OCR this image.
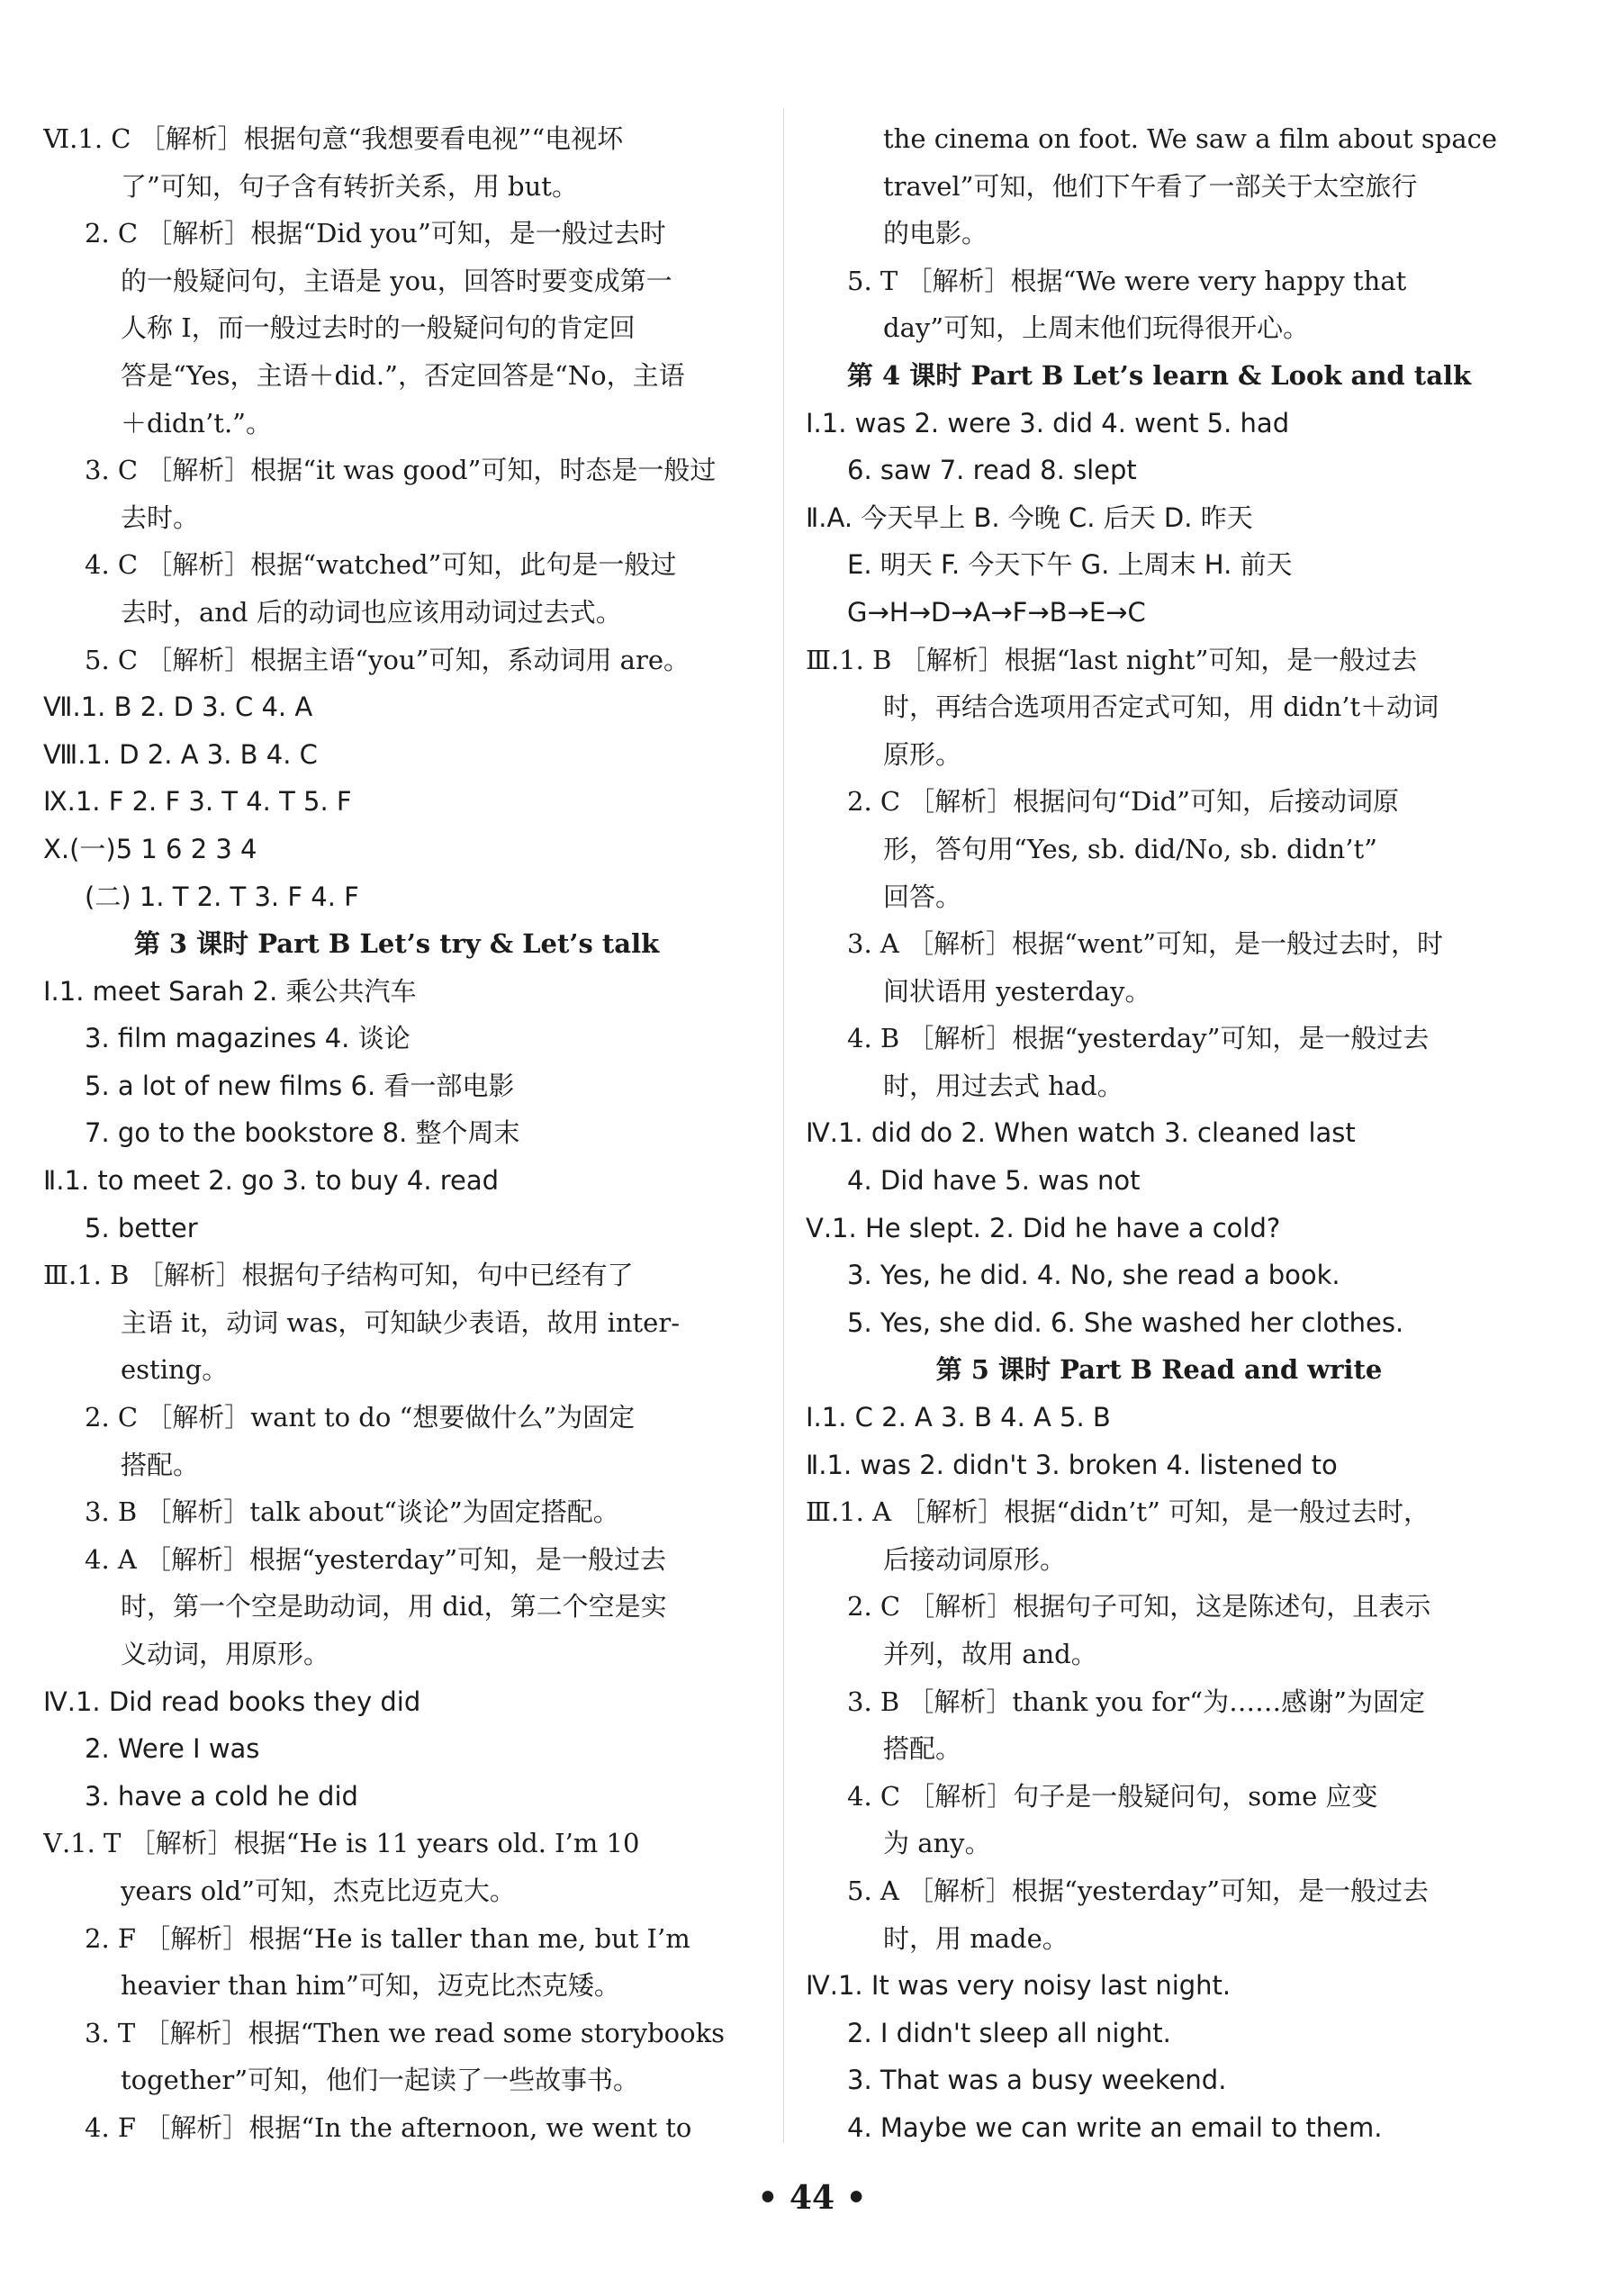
Ⅵ.1. C ［解析］根据句意“我想要看电视”“电视坏
了”可知，句子含有转折关系，用 but。
2. C ［解析］根据“Did you”可知，是一般过去时
的一般疑问句，主语是 you，回答时要变成第一
人称 I，而一般过去时的一般疑问句的肯定回
答是“Yes，主语＋did.”，否定回答是“No，主语
＋didn’t.”。
3. C ［解析］根据“it was good”可知，时态是一般过
去时。
4. C ［解析］根据“watched”可知，此句是一般过
去时，and 后的动词也应该用动词过去式。
5. C ［解析］根据主语“you”可知，系动词用 are。
Ⅶ.1. B 2. D 3. C 4. A
Ⅷ.1. D 2. A 3. B 4. C
Ⅸ.1. F 2. F 3. T 4. T 5. F
Ⅹ.(一)5 1 6 2 3 4
(二) 1. T 2. T 3. F 4. F
第 3 课时 Part B Let’s try & Let’s talk
Ⅰ.1. meet Sarah 2. 乘公共汽车
3. film magazines 4. 谈论
5. a lot of new films 6. 看一部电影
7. go to the bookstore 8. 整个周末
Ⅱ.1. to meet 2. go 3. to buy 4. read
5. better
Ⅲ.1. B ［解析］根据句子结构可知，句中已经有了
主语 it，动词 was，可知缺少表语，故用 inter-
esting。
2. C ［解析］want to do “想要做什么”为固定
搭配。
3. B ［解析］talk about“谈论”为固定搭配。
4. A ［解析］根据“yesterday”可知，是一般过去
时，第一个空是助动词，用 did，第二个空是实
义动词，用原形。
Ⅳ.1. Did read books they did
2. Were I was
3. have a cold he did
Ⅴ.1. T ［解析］根据“He is 11 years old. I’m 10
years old”可知，杰克比迈克大。
2. F ［解析］根据“He is taller than me, but I’m
heavier than him”可知，迈克比杰克矮。
3. T ［解析］根据“Then we read some storybooks
together”可知，他们一起读了一些故事书。
4. F ［解析］根据“In the afternoon, we went to
the cinema on foot. We saw a film about space
travel”可知，他们下午看了一部关于太空旅行
的电影。
5. T ［解析］根据“We were very happy that
day”可知，上周末他们玩得很开心。
第 4 课时 Part B Let’s learn & Look and talk
Ⅰ.1. was 2. were 3. did 4. went 5. had
6. saw 7. read 8. slept
Ⅱ.A. 今天早上 B. 今晚 C. 后天 D. 昨天
E. 明天 F. 今天下午 G. 上周末 H. 前天
G→H→D→A→F→B→E→C
Ⅲ.1. B ［解析］根据“last night”可知，是一般过去
时，再结合选项用否定式可知，用 didn’t＋动词
原形。
2. C ［解析］根据问句“Did”可知，后接动词原
形，答句用“Yes, sb. did/No, sb. didn’t”
回答。
3. A ［解析］根据“went”可知，是一般过去时，时
间状语用 yesterday。
4. B ［解析］根据“yesterday”可知，是一般过去
时，用过去式 had。
Ⅳ.1. did do 2. When watch 3. cleaned last
4. Did have 5. was not
Ⅴ.1. He slept. 2. Did he have a cold?
3. Yes, he did. 4. No, she read a book.
5. Yes, she did. 6. She washed her clothes.
第 5 课时 Part B Read and write
Ⅰ.1. C 2. A 3. B 4. A 5. B
Ⅱ.1. was 2. didn't 3. broken 4. listened to
Ⅲ.1. A ［解析］根据“didn’t” 可知，是一般过去时，
后接动词原形。
2. C ［解析］根据句子可知，这是陈述句，且表示
并列，故用 and。
3. B ［解析］thank you for“为……感谢”为固定
搭配。
4. C ［解析］句子是一般疑问句，some 应变
为 any。
5. A ［解析］根据“yesterday”可知，是一般过去
时，用 made。
Ⅳ.1. It was very noisy last night.
2. I didn't sleep all night.
3. That was a busy weekend.
4. Maybe we can write an email to them.
• 44 •
